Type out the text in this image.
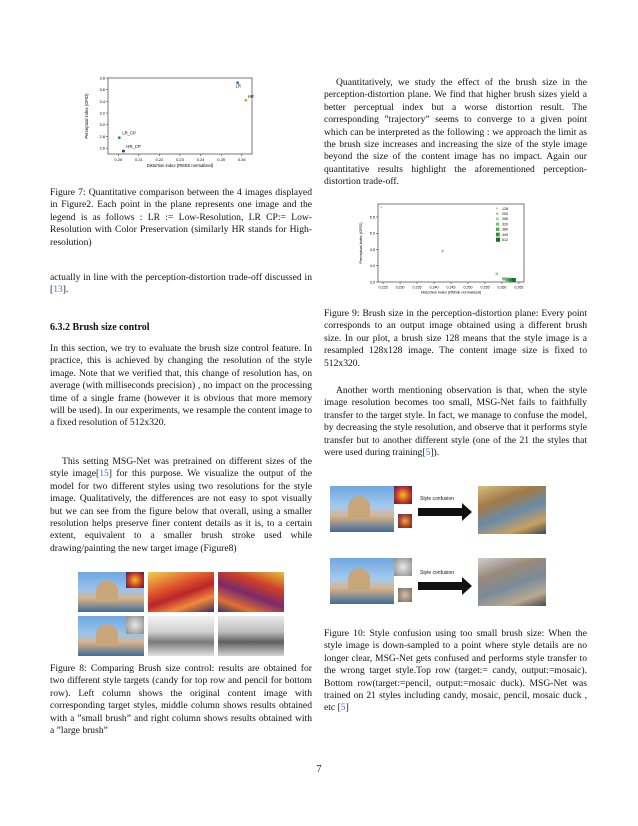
0.20	0.21	0.22	0.23	0.24	0.25	0.26
2.6
2.8
3.0
3.2
3.4
3.6
3.8
Distortion index (RMSE normalized)
Perceptual index (GFID)
LR
HR
LR_CP
HR_CP
Figure 7: Quantitative comparison between the 4 images displayed in Figure2. Each point in the plane represents one image and the legend is as follows : LR := Low-Resolution, LR CP:= Low-Resolution with Color Preservation (similarly HR stands for High-resolution)
actually in line with the perception-distortion trade-off discussed in [13].
6.3.2 Brush size control
In this section, we try to evaluate the brush size control feature. In practice, this is achieved by changing the resolution of the style image. Note that we verified that, this change of resolution has, on average (with milliseconds precision) , no impact on the processing time of a single frame (however it is obvious that more memory will be used). In our experiments, we resample the content image to a fixed resolution of 512x320.
This setting MSG-Net was pretrained on different sizes of the style image[15] for this purpose. We visualize the output of the model for two different styles using two resolutions for the style image. Qualitatively, the differences are not easy to spot visually but we can see from the figure below that overall, using a smaller resolution helps preserve finer content details as it is, to a certain extent, equivalent to a smaller brush stroke used while drawing/painting the new target image (Figure8)
Figure 8: Comparing Brush size control: results are obtained for two different style targets (candy for top row and pencil for bottom row). Left column shows the original content image with corresponding target styles, middle column shows results obtained with a ”small brush” and right column shows results obtained with a ”large brush”
Quantitatively, we study the effect of the brush size in the perception-distortion plane. We find that higher brush sizes yield a better perceptual index but a worse distortion result. The corresponding ”trajectory” seems to converge to a given point which can be interpreted as the following : we approach the limit as the brush size increases and increasing the size of the style image beyond the size of the content image has no impact. Again our quantitative results highlight the aforementioned perception-distortion trade-off.
0.225 0.230 0.235 0.240 0.245 0.250 0.255 0.260 0.265
3.5
4.0
4.5
5.0
5.5
Distortion index (RMSE normalized)
Perceptual index (GFID)
128
200
256
320
380
440
512
Figure 9: Brush size in the perception-distortion plane: Every point corresponds to an output image obtained using a different brush size. In our plot, a brush size 128 means that the style image is a resampled 128x128 image. The content image size is fixed to 512x320.
Another worth mentioning observation is that, when the style image resolution becomes too small, MSG-Net fails to faithfully transfer to the target style. In fact, we manage to confuse the model, by decreasing the style resolution, and observe that it performs style transfer but to another different style (one of the 21 the styles that were used during training[5]).
Style confusion
Style confusion
Figure 10: Style confusion using too small brush size: When the style image is down-sampled to a point where style details are no longer clear, MSG-Net gets confused and performs style transfer to the wrong target style.Top row (target:= candy, output:=mosaic). Bottom row(target:=pencil, output:=mosaic duck). MSG-Net was trained on 21 styles including candy, mosaic, pencil, mosaic duck , etc [5]
7
